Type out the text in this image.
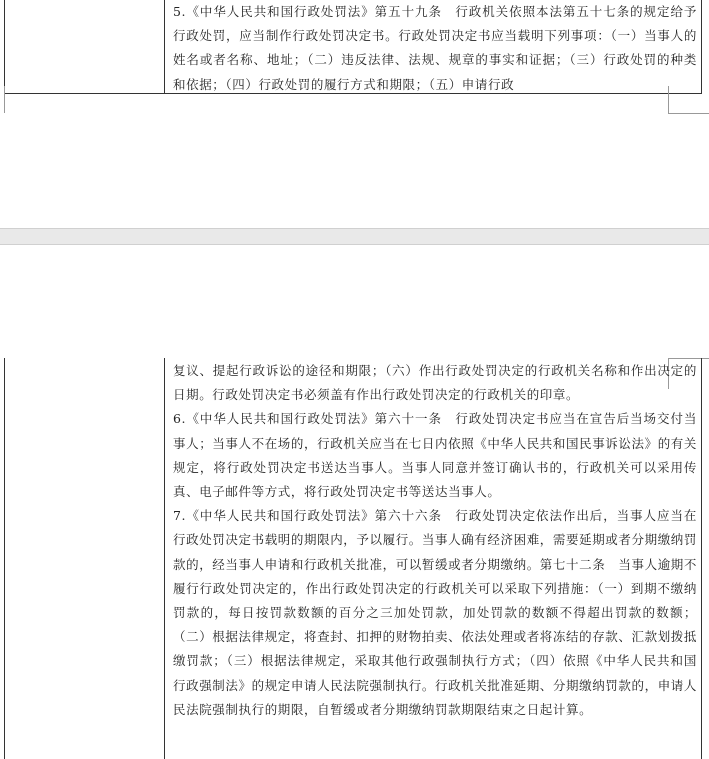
5.《中华人民共和国行政处罚法》第五十九条　行政机关依照本法第五十七条的规定给予行政处罚，应当制作行政处罚决定书。行政处罚决定书应当载明下列事项：（一）当事人的姓名或者名称、地址；（二）违反法律、法规、规章的事实和证据；（三）行政处罚的种类和依据；（四）行政处罚的履行方式和期限；（五）申请行政

复议、提起行政诉讼的途径和期限；（六）作出行政处罚决定的行政机关名称和作出决定的日期。行政处罚决定书必须盖有作出行政处罚决定的行政机关的印章。

6.《中华人民共和国行政处罚法》第六十一条　行政处罚决定书应当在宣告后当场交付当事人；当事人不在场的，行政机关应当在七日内依照《中华人民共和国民事诉讼法》的有关规定，将行政处罚决定书送达当事人。当事人同意并签订确认书的，行政机关可以采用传真、电子邮件等方式，将行政处罚决定书等送达当事人。

7.《中华人民共和国行政处罚法》第六十六条　行政处罚决定依法作出后，当事人应当在行政处罚决定书载明的期限内，予以履行。当事人确有经济困难，需要延期或者分期缴纳罚款的，经当事人申请和行政机关批准，可以暂缓或者分期缴纳。第七十二条　当事人逾期不履行行政处罚决定的，作出行政处罚决定的行政机关可以采取下列措施：（一）到期不缴纳罚款的，每日按罚款数额的百分之三加处罚款，加处罚款的数额不得超出罚款的数额；（二）根据法律规定，将查封、扣押的财物拍卖、依法处理或者将冻结的存款、汇款划拨抵缴罚款；（三）根据法律规定，采取其他行政强制执行方式；（四）依照《中华人民共和国行政强制法》的规定申请人民法院强制执行。行政机关批准延期、分期缴纳罚款的，申请人民法院强制执行的期限，自暂缓或者分期缴纳罚款期限结束之日起计算。
